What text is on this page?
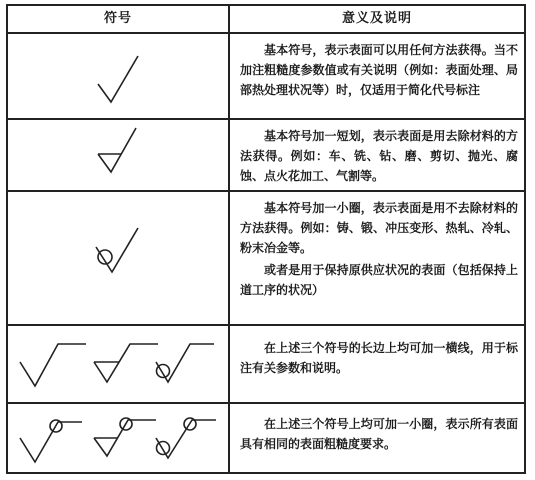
符号	意义及说明

基本符号，表示表面可以用任何方法获得。当不加注粗糙度参数值或有关说明（例如：表面处理、局部热处理状况等）时，仅适用于简化代号标注

基本符号加一短划，表示表面是用去除材料的方法获得。例如：车、铣、钻、磨、剪切、抛光、腐蚀、点火花加工、气割等。

基本符号加一小圈，表示表面是用不去除材料的方法获得。例如：铸、锻、冲压变形、热轧、冷轧、粉末冶金等。

或者是用于保持原供应状况的表面（包括保持上道工序的状况）

在上述三个符号的长边上均可加一横线，用于标注有关参数和说明。

在上述三个符号上均可加一小圈，表示所有表面具有相同的表面粗糙度要求。
